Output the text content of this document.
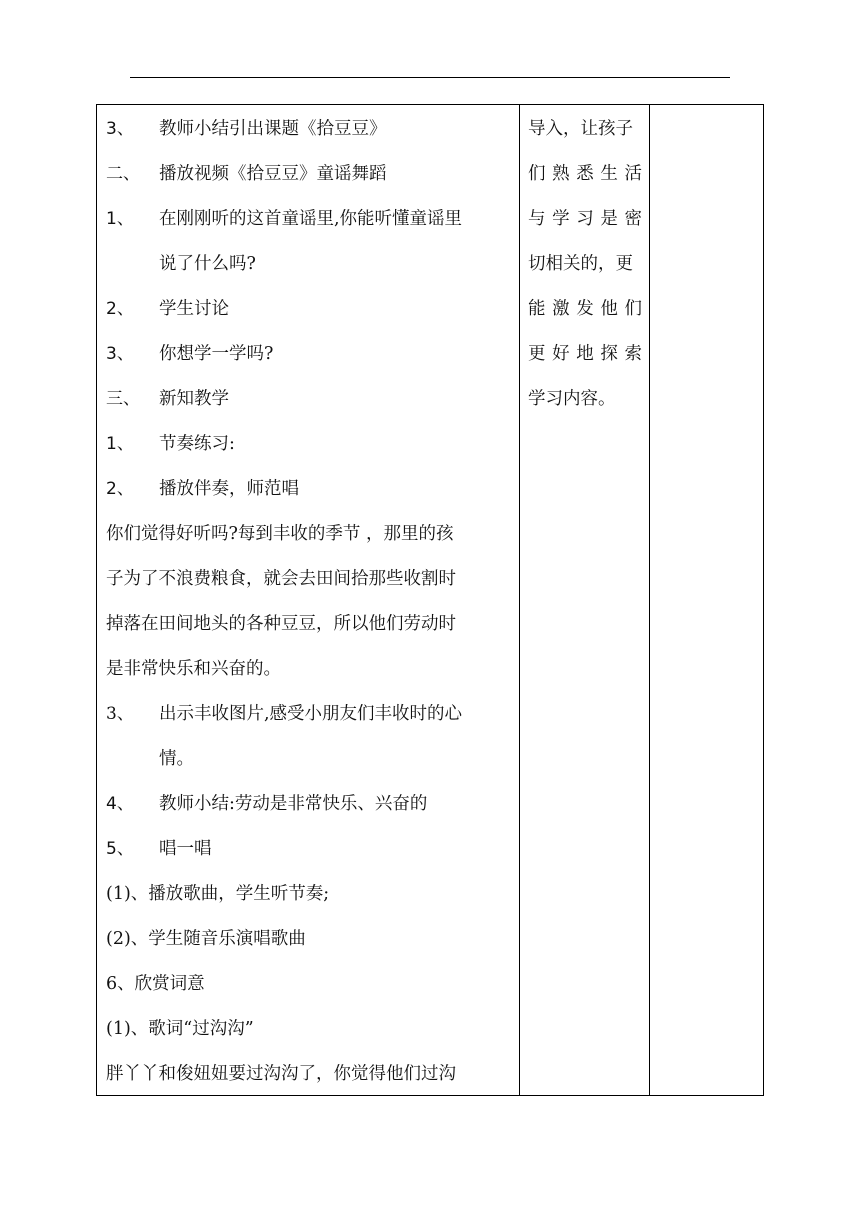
3、 教师小结引出课题《拾豆豆》
二、 播放视频《拾豆豆》童谣舞蹈
1、 在刚刚听的这首童谣里,你能听懂童谣里
说了什么吗?
2、 学生讨论
3、 你想学一学吗?
三、 新知教学
1、 节奏练习:
2、 播放伴奏，师范唱
你们觉得好听吗?每到丰收的季节 ，那里的孩
子为了不浪费粮食，就会去田间拾那些收割时
掉落在田间地头的各种豆豆，所以他们劳动时
是非常快乐和兴奋的。
3、 出示丰收图片,感受小朋友们丰收时的心
情。
4、 教师小结:劳动是非常快乐、兴奋的
5、 唱一唱
(1)、播放歌曲，学生听节奏;
(2)、学生随音乐演唱歌曲
6、欣赏词意
(1)、歌词“过沟沟”
胖丫丫和俊妞妞要过沟沟了，你觉得他们过沟
导入，让孩子
们熟悉生活
与学习是密
切相关的，更
能激发他们
更好地探索
学习内容。
